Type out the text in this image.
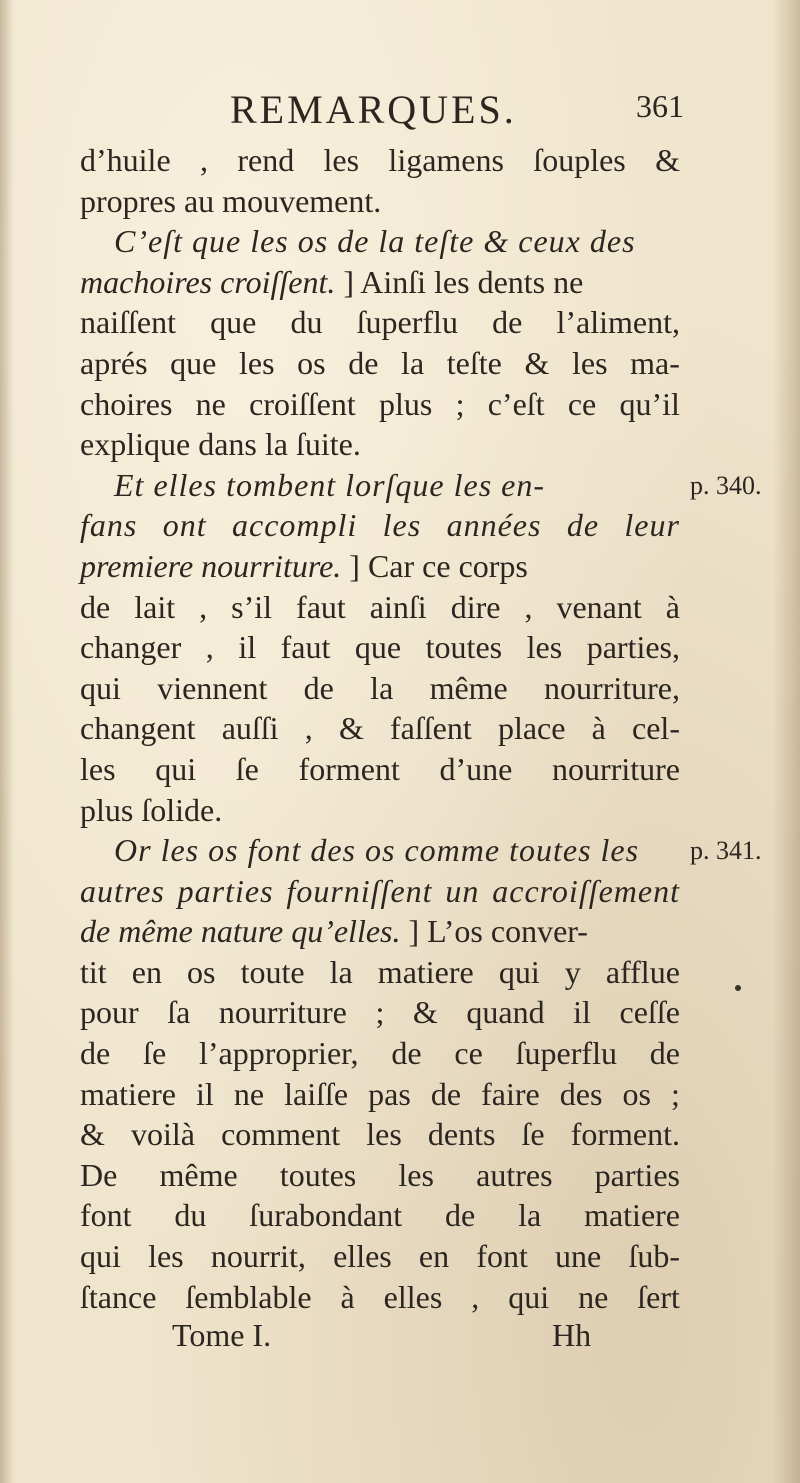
REMARQUES.	361
d’huile , rend les ligamens ſouples &
propres au mouvement.
C’eſt que les os de la teſte & ceux des
machoires croiſſent. ] Ainſi les dents ne
naiſſent que du ſuperflu de l’aliment,
aprés que les os de la teſte & les ma-
choires ne croiſſent plus ; c’eſt ce qu’il
explique dans la ſuite.
Et elles tombent lorſque les en-
fans ont accompli les années de leur
premiere nourriture. ] Car ce corps
de lait , s’il faut ainſi dire , venant à
changer , il faut que toutes les parties,
qui viennent de la même nourriture,
changent auſſi , & faſſent place à cel-
les qui ſe forment d’une nourriture
plus ſolide.
Or les os font des os comme toutes les
autres parties fourniſſent un accroiſſement
de même nature qu’elles. ] L’os conver-
tit en os toute la matiere qui y afflue
pour ſa nourriture ; & quand il ceſſe
de ſe l’approprier, de ce ſuperflu de
matiere il ne laiſſe pas de faire des os ;
& voilà comment les dents ſe forment.
De même toutes les autres parties
font du ſurabondant de la matiere
qui les nourrit, elles en font une ſub-
ſtance ſemblable à elles , qui ne ſert
Tome I.	Hh
p. 340.
p. 341.
